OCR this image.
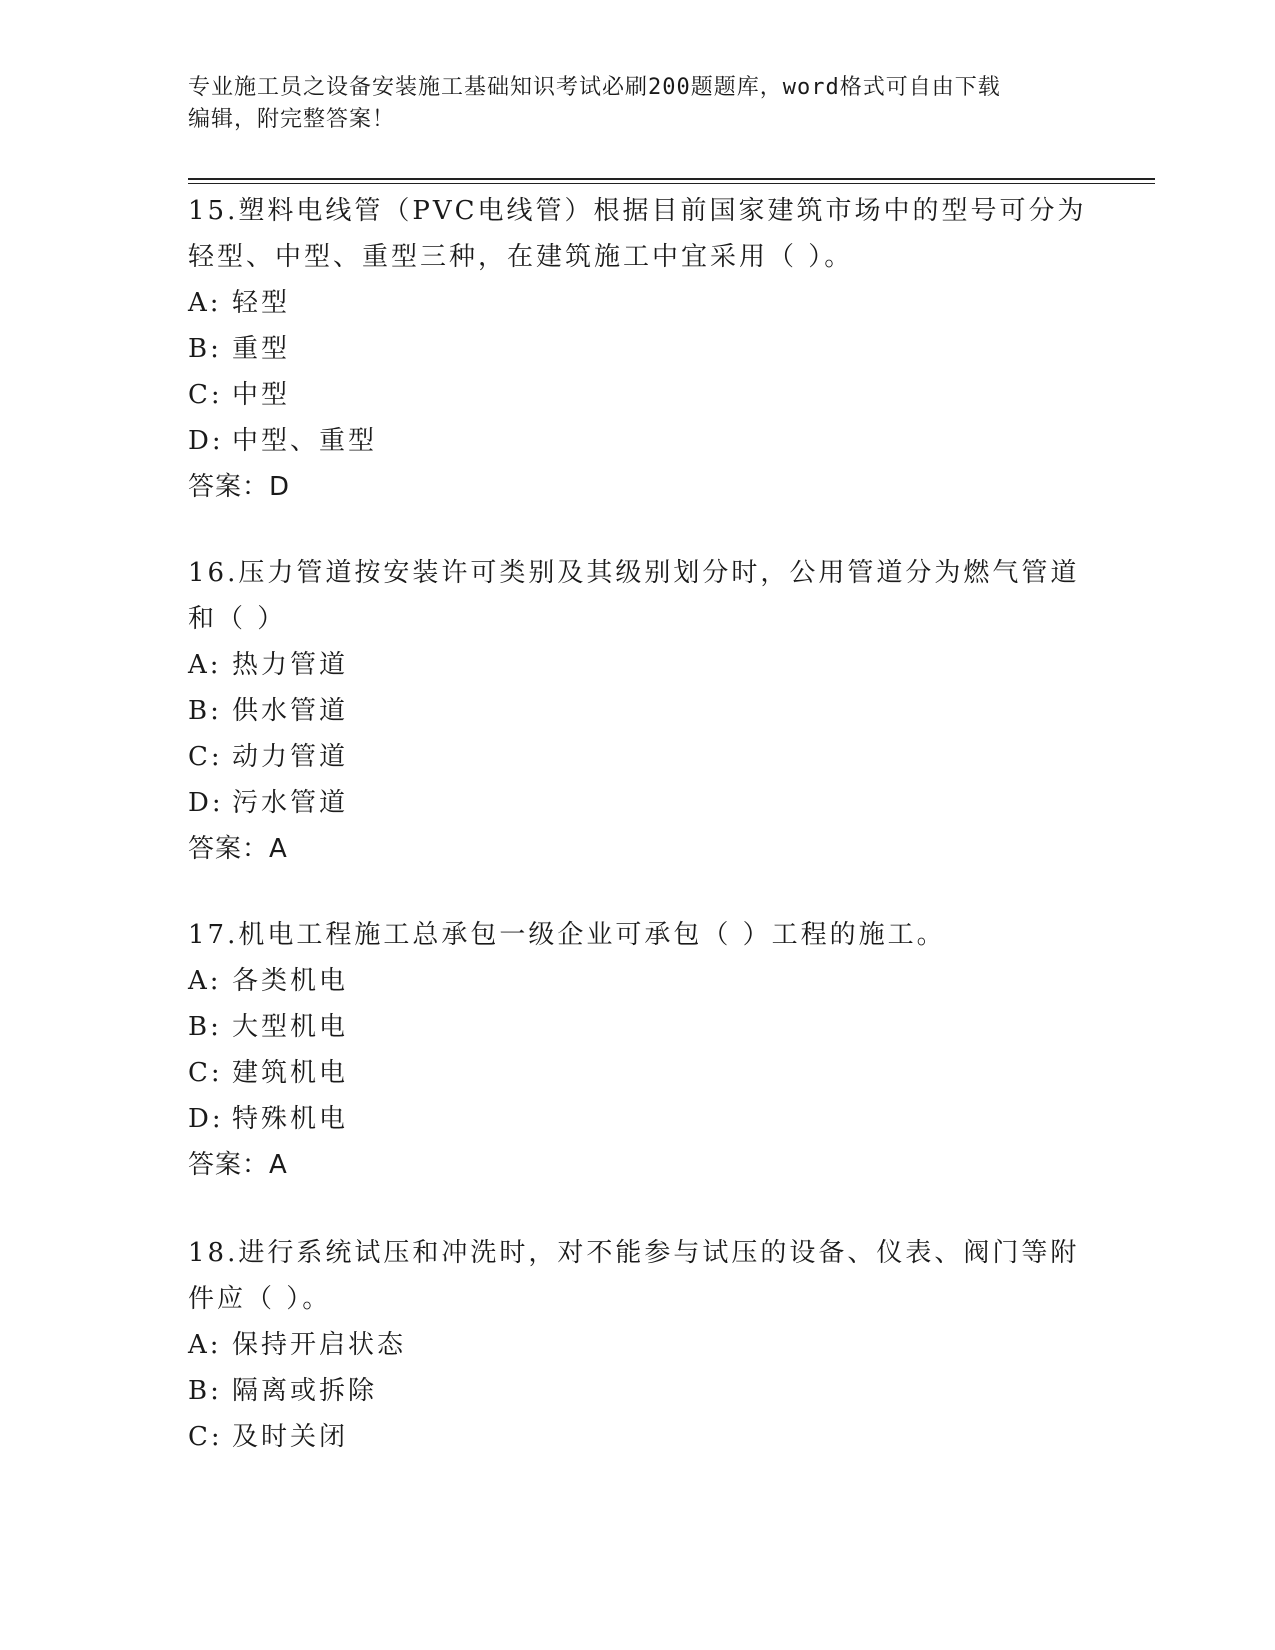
专业施工员之设备安装施工基础知识考试必刷200题题库，word格式可自由下载
编辑，附完整答案！
15.塑料电线管（PVC电线管）根据目前国家建筑市场中的型号可分为
轻型、中型、重型三种，在建筑施工中宜采用（ ）。
A: 轻型
B: 重型
C: 中型
D: 中型、重型
答案：D
16.压力管道按安装许可类别及其级别划分时，公用管道分为燃气管道
和（ ）
A: 热力管道
B: 供水管道
C: 动力管道
D: 污水管道
答案：A
17.机电工程施工总承包一级企业可承包（ ）工程的施工。
A: 各类机电
B: 大型机电
C: 建筑机电
D: 特殊机电
答案：A
18.进行系统试压和冲洗时，对不能参与试压的设备、仪表、阀门等附
件应（ ）。
A: 保持开启状态
B: 隔离或拆除
C: 及时关闭
